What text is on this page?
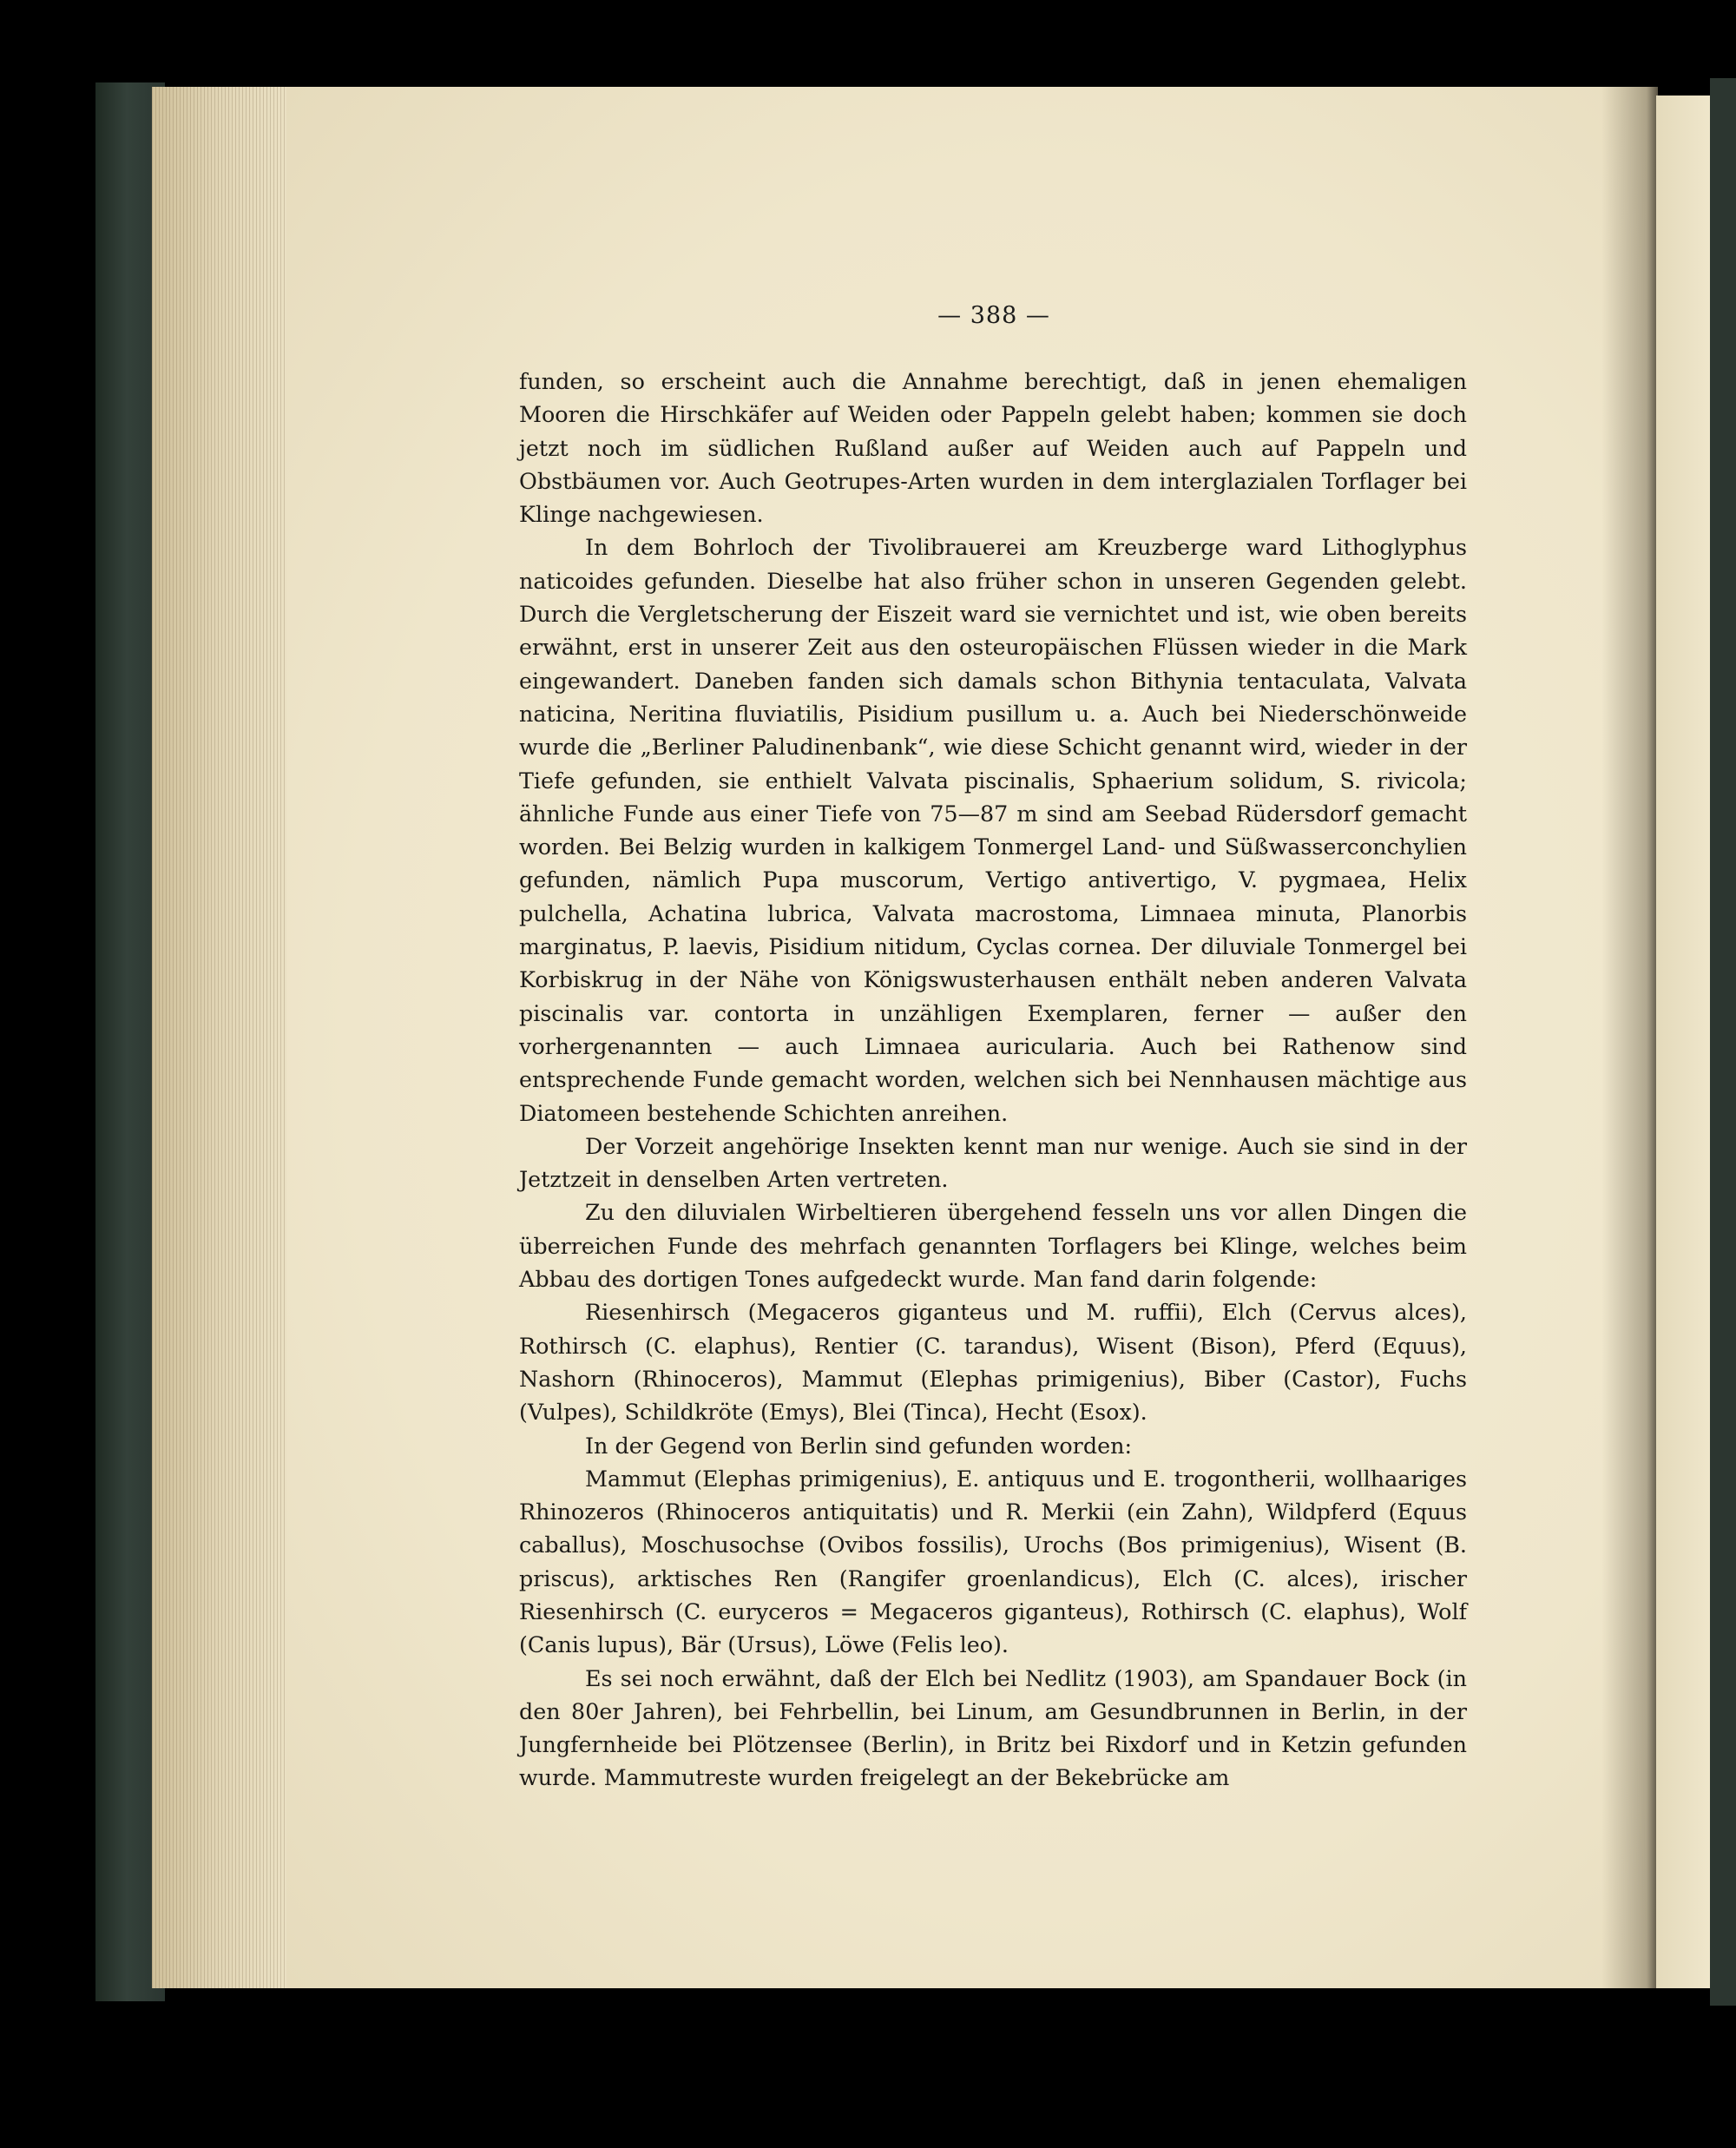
— 388 —

funden, so erscheint auch die Annahme berechtigt, daß in jenen ehemaligen Mooren die Hirschkäfer auf Weiden oder Pappeln gelebt haben; kommen sie doch jetzt noch im südlichen Rußland außer auf Weiden auch auf Pappeln und Obstbäumen vor. Auch Geotrupes-Arten wurden in dem interglazialen Torflager bei Klinge nachgewiesen.

In dem Bohrloch der Tivolibrauerei am Kreuzberge ward Lithoglyphus naticoides gefunden. Dieselbe hat also früher schon in unseren Gegenden gelebt. Durch die Vergletscherung der Eiszeit ward sie vernichtet und ist, wie oben bereits erwähnt, erst in unserer Zeit aus den osteuropäischen Flüssen wieder in die Mark eingewandert. Daneben fanden sich damals schon Bithynia tentaculata, Valvata naticina, Neritina fluviatilis, Pisidium pusillum u. a. Auch bei Niederschönweide wurde die „Berliner Paludinenbank“, wie diese Schicht genannt wird, wieder in der Tiefe gefunden, sie enthielt Valvata piscinalis, Sphaerium solidum, S. rivicola; ähnliche Funde aus einer Tiefe von 75—87 m sind am Seebad Rüdersdorf gemacht worden. Bei Belzig wurden in kalkigem Tonmergel Land- und Süßwasserconchylien gefunden, nämlich Pupa muscorum, Vertigo antivertigo, V. pygmaea, Helix pulchella, Achatina lubrica, Valvata macrostoma, Limnaea minuta, Planorbis marginatus, P. laevis, Pisidium nitidum, Cyclas cornea. Der diluviale Tonmergel bei Korbiskrug in der Nähe von Königswusterhausen enthält neben anderen Valvata piscinalis var. contorta in unzähligen Exemplaren, ferner — außer den vorhergenannten — auch Limnaea auricularia. Auch bei Rathenow sind entsprechende Funde gemacht worden, welchen sich bei Nennhausen mächtige aus Diatomeen bestehende Schichten anreihen.

Der Vorzeit angehörige Insekten kennt man nur wenige. Auch sie sind in der Jetztzeit in denselben Arten vertreten.

Zu den diluvialen Wirbeltieren übergehend fesseln uns vor allen Dingen die überreichen Funde des mehrfach genannten Torflagers bei Klinge, welches beim Abbau des dortigen Tones aufgedeckt wurde. Man fand darin folgende:

Riesenhirsch (Megaceros giganteus und M. ruffii), Elch (Cervus alces), Rothirsch (C. elaphus), Rentier (C. tarandus), Wisent (Bison), Pferd (Equus), Nashorn (Rhinoceros), Mammut (Elephas primigenius), Biber (Castor), Fuchs (Vulpes), Schildkröte (Emys), Blei (Tinca), Hecht (Esox).

In der Gegend von Berlin sind gefunden worden:

Mammut (Elephas primigenius), E. antiquus und E. trogontherii, wollhaariges Rhinozeros (Rhinoceros antiquitatis) und R. Merkii (ein Zahn), Wildpferd (Equus caballus), Moschusochse (Ovibos fossilis), Urochs (Bos primigenius), Wisent (B. priscus), arktisches Ren (Rangifer groenlandicus), Elch (C. alces), irischer Riesenhirsch (C. euryceros = Megaceros giganteus), Rothirsch (C. elaphus), Wolf (Canis lupus), Bär (Ursus), Löwe (Felis leo).

Es sei noch erwähnt, daß der Elch bei Nedlitz (1903), am Spandauer Bock (in den 80er Jahren), bei Fehrbellin, bei Linum, am Gesundbrunnen in Berlin, in der Jungfernheide bei Plötzensee (Berlin), in Britz bei Rixdorf und in Ketzin gefunden wurde. Mammutreste wurden freigelegt an der Bekebrücke am
